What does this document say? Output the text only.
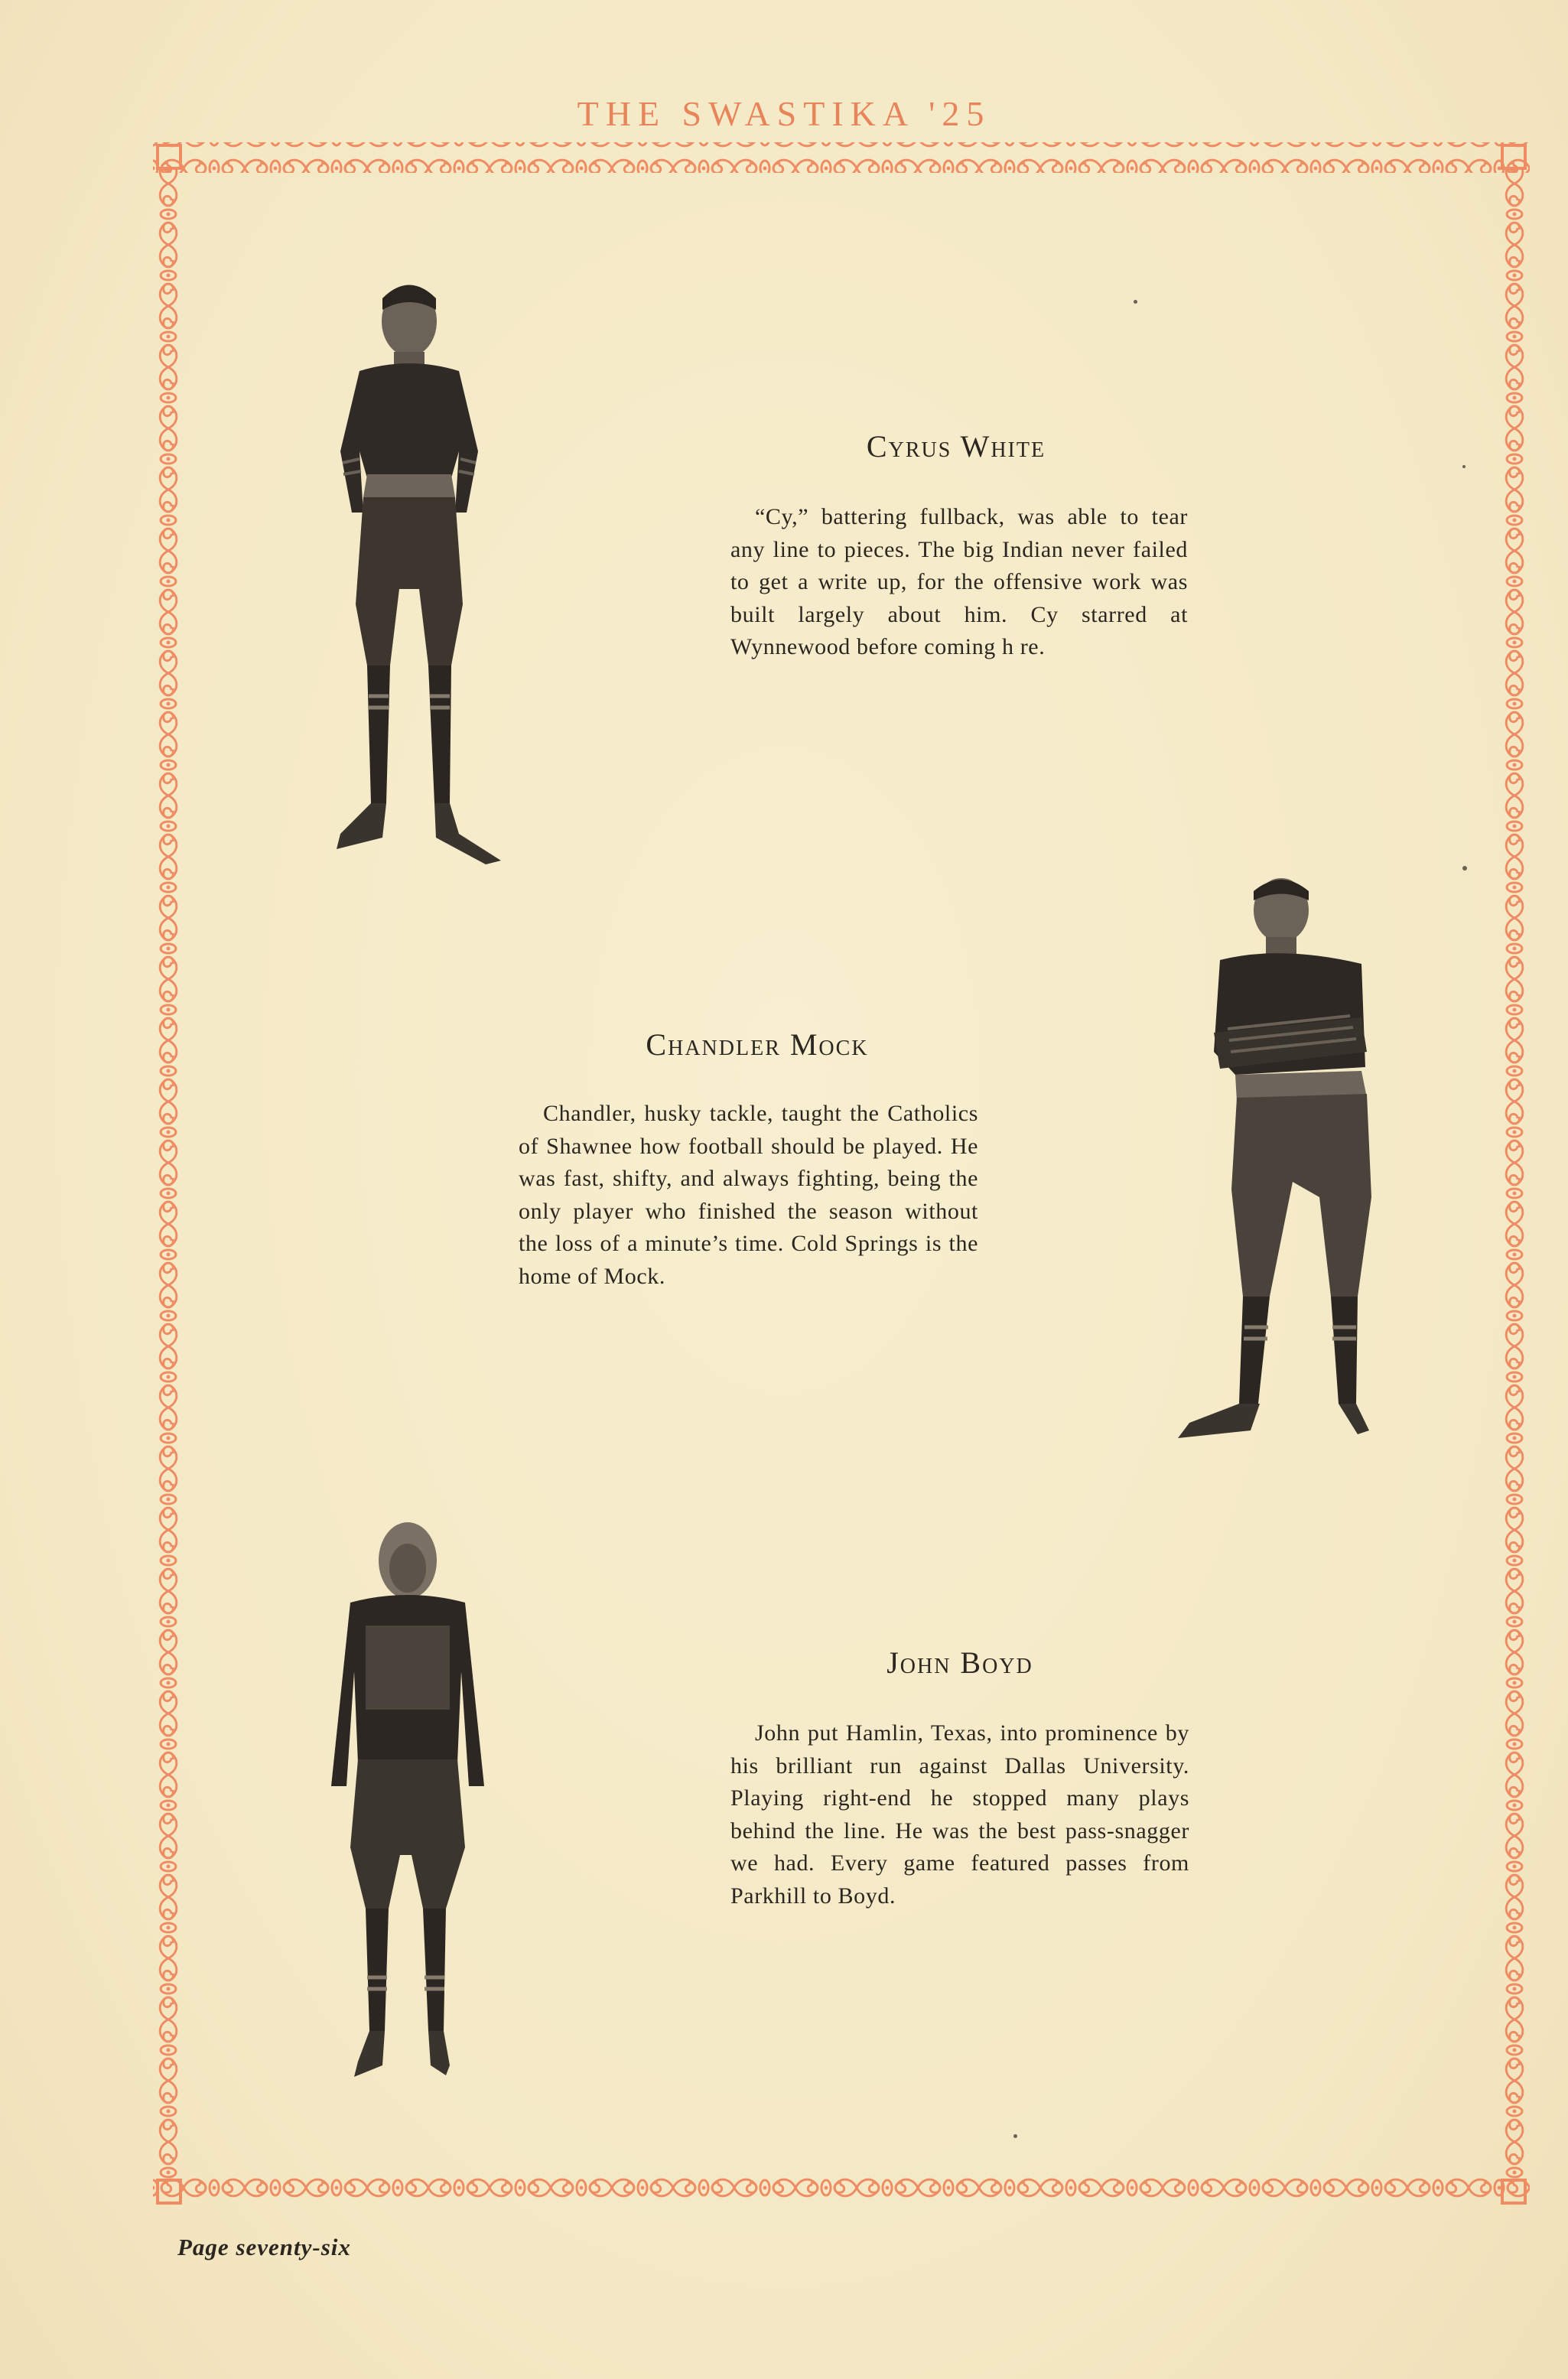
THE SWASTIKA '25
Cyrus White

“Cy,” battering fullback, was able to tear any line to pieces. The big Indian never failed to get a write up, for the offensive work was built largely about him. Cy starred at Wynnewood before coming h re.

Chandler Mock

Chandler, husky tackle, taught the Catholics of Shawnee how football should be played. He was fast, shifty, and always fighting, being the only player who finished the season without the loss of a minute’s time. Cold Springs is the home of Mock.

John Boyd

John put Hamlin, Texas, into prominence by his brilliant run against Dallas University. Playing right-end he stopped many plays behind the line. He was the best pass-snagger we had. Every game featured passes from Parkhill to Boyd.

Page seventy-six
